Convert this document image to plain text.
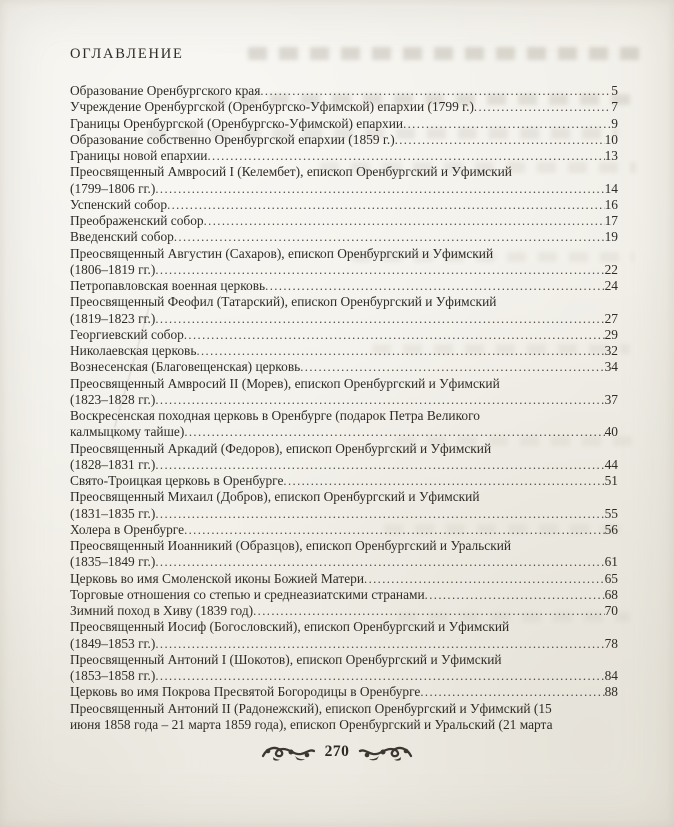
ОГЛАВЛЕНИЕ
Образование Оренбургского края .....	5
Учреждение Оренбургской (Оренбургско-Уфимской) епархии (1799 г.) .....	7
Границы Оренбургской (Оренбургско-Уфимской) епархии .....	9
Образование собственно Оренбургской епархии (1859 г.) .....	10
Границы новой епархии .....	13
Преосвященный Амвросий I (Келембет), епископ Оренбургский и Уфимский
(1799–1806 гг.) .....	14
Успенский собор .....	16
Преображенский собор .....	17
Введенский собор .....	19
Преосвященный Августин (Сахаров), епископ Оренбургский и Уфимский
(1806–1819 гг.) .....	22
Петропавловская военная церковь .....	24
Преосвященный Феофил (Татарский), епископ Оренбургский и Уфимский
(1819–1823 гг.) .....	27
Георгиевский собор .....	29
Николаевская церковь .....	32
Вознесенская (Благовещенская) церковь .....	34
Преосвященный Амвросий II (Морев), епископ Оренбургский и Уфимский
(1823–1828 гг.) .....	37
Воскресенская походная церковь в Оренбурге (подарок Петра Великого
калмыцкому тайше) .....	40
Преосвященный Аркадий (Федоров), епископ Оренбургский и Уфимский
(1828–1831 гг.) .....	44
Свято-Троицкая церковь в Оренбурге .....	51
Преосвященный Михаил (Добров), епископ Оренбургский и Уфимский
(1831–1835 гг.) .....	55
Холера в Оренбурге .....	56
Преосвященный Иоанникий (Образцов), епископ Оренбургский и Уральский
(1835–1849 гг.) .....	61
Церковь во имя Смоленской иконы Божией Матери .....	65
Торговые отношения со степью и среднеазиатскими странами .....	68
Зимний поход в Хиву (1839 год) .....	70
Преосвященный Иосиф (Богословский), епископ Оренбургский и Уфимский
(1849–1853 гг.) .....	78
Преосвященный Антоний I (Шокотов), епископ Оренбургский и Уфимский
(1853–1858 гг.) .....	84
Церковь во имя Покрова Пресвятой Богородицы в Оренбурге .....	88
Преосвященный Антоний II (Радонежский), епископ Оренбургский и Уфимский (15
июня 1858 года – 21 марта 1859 года), епископ Оренбургский и Уральский (21 марта
270
